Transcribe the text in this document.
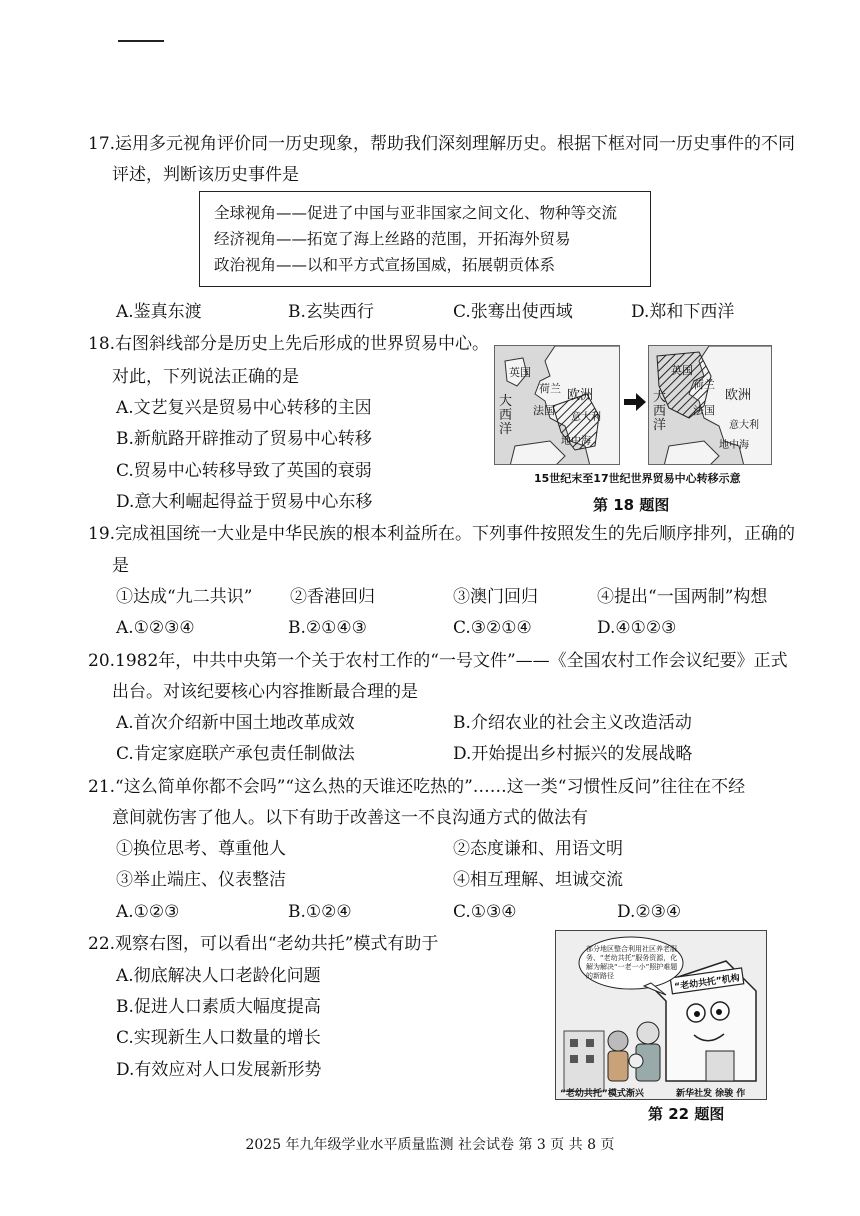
17.运用多元视角评价同一历史现象，帮助我们深刻理解历史。根据下框对同一历史事件的不同
评述，判断该历史事件是
全球视角——促进了中国与亚非国家之间文化、物种等交流
经济视角——拓宽了海上丝路的范围，开拓海外贸易
政治视角——以和平方式宣扬国威，拓展朝贡体系
A.鉴真东渡	B.玄奘西行	C.张骞出使西域	D.郑和下西洋
18.右图斜线部分是历史上先后形成的世界贸易中心。
对此，下列说法正确的是
A.文艺复兴是贸易中心转移的主因
B.新航路开辟推动了贸易中心转移
C.贸易中心转移导致了英国的衰弱
D.意大利崛起得益于贸易中心东移
英国
荷兰 欧洲
大
西
洋
法国
意大利
地中海
英国
荷兰
欧洲
大
西
洋
法国
意大利
地中海
15世纪末至17世纪世界贸易中心转移示意
第 18 题图
19.完成祖国统一大业是中华民族的根本利益所在。下列事件按照发生的先后顺序排列，正确的
是
①达成“九二共识” ②香港回归	③澳门回归	④提出“一国两制”构想
A.①②③④	B.②①④③	C.③②①④	D.④①②③
20.1982年，中共中央第一个关于农村工作的“一号文件”——《全国农村工作会议纪要》正式
出台。对该纪要核心内容推断最合理的是
A.首次介绍新中国土地改革成效	B.介绍农业的社会主义改造活动
C.肯定家庭联产承包责任制做法	D.开始提出乡村振兴的发展战略
21.“这么简单你都不会吗”“这么热的天谁还吃热的”……这一类“习惯性反问”往往在不经
意间就伤害了他人。以下有助于改善这一不良沟通方式的做法有
①换位思考、尊重他人	②态度谦和、用语文明
③举止端庄、仪表整洁	④相互理解、坦诚交流
A.①②③	B.①②④	C.①③④	D.②③④
22.观察右图，可以看出“老幼共托”模式有助于
A.彻底解决人口老龄化问题
B.促进人口素质大幅度提高
C.实现新生人口数量的增长
D.有效应对人口发展新形势
部分地区整合利用社区养老服务、“老幼共托”服务资源，化解为解决“一老一小”照护难题的新路径	“老幼共托”机构
“老幼共托”模式渐兴	新华社发 徐骏 作
第 22 题图
2025 年九年级学业水平质量监测 社会试卷 第 3 页 共 8 页
